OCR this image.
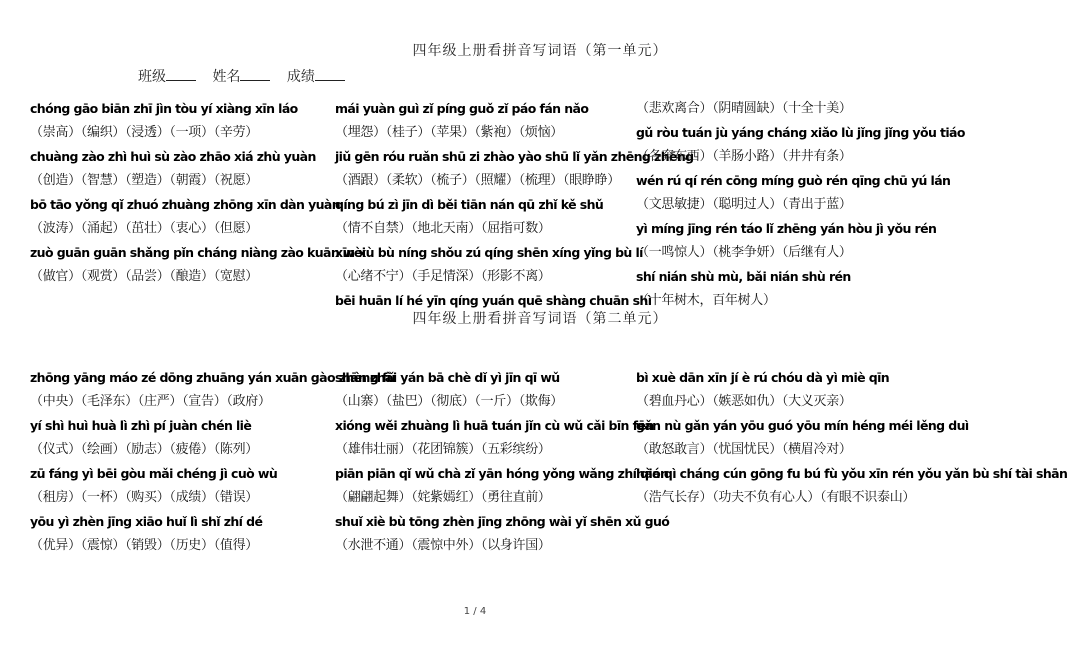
四年级上册看拼音写词语（第一单元）
班级	姓名	成绩
chóng gāo biān zhī jìn tòu yí xiàng xīn láo
（崇高）（编织）（浸透）（一项）（辛劳）
chuàng zào zhì huì sù zào zhāo xiá zhù yuàn
（创造）（智慧）（塑造）（朝霞）（祝愿）
bō tāo yǒng qǐ zhuó zhuàng zhōng xīn dàn yuàn
（波涛）（涌起）（茁壮）（衷心）（但愿）
zuò guān guān shǎng pǐn cháng niàng zào kuān wèi
（做官）（观赏）（品尝）（酿造）（宽慰）
mái yuàn guì zǐ píng guǒ zǐ páo fán nǎo
（埋怨）（桂子）（苹果）（紫袍）（烦恼）
jiǔ gēn róu ruǎn shū zi zhào yào shū lǐ yǎn zhēng zhēng
（酒跟）（柔软）（梳子）（照耀）（梳理）（眼睁睁）
qíng bú zì jīn dì běi tiān nán qū zhǐ kě shǔ
（情不自禁）（地北天南）（屈指可数）
xīn xù bù níng shǒu zú qíng shēn xíng yǐng bù lí
（心绪不宁）（手足情深）（形影不离）
bēi huān lí hé yīn qíng yuán quē shàng chuān shì
（悲欢离合）（阴晴圆缺）（十全十美）
gǔ ròu tuán jù yáng cháng xiǎo lù jǐng jǐng yǒu tiáo
（各奔东西）（羊肠小路）（井井有条）
wén rú qí rén cōng míng guò rén qīng chū yú lán
（文思敏捷）（聪明过人）（青出于蓝）
yì míng jīng rén táo lǐ zhēng yán hòu jì yǒu rén
（一鸣惊人）（桃李争妍）（后继有人）
shí nián shù mù, bǎi nián shù rén
（十年树木，百年树人）
四年级上册看拼音写词语（第二单元）
zhōng yāng máo zé dōng zhuāng yán xuān gào zhèng fǔ
（中央）（毛泽东）（庄严）（宣告）（政府）
yí shì huì huà lì zhì pí juàn chén liè
（仪式）（绘画）（励志）（疲倦）（陈列）
zū fáng yì bēi gòu mǎi chéng jì cuò wù
（租房）（一杯）（购买）（成绩）（错误）
yōu yì zhèn jīng xiāo huǐ lì shǐ zhí dé
（优异）（震惊）（销毁）（历史）（值得）
shān zhài yán bā chè dǐ yì jīn qī wǔ
（山寨）（盐巴）（彻底）（一斤）（欺侮）
xióng wěi zhuàng lì huā tuán jǐn cù wǔ cǎi bīn fēn
（雄伟壮丽）（花团锦簇）（五彩缤纷）
piān piān qǐ wǔ chà zǐ yān hóng yǒng wǎng zhí qián
（翩翩起舞）（姹紫嫣红）（勇往直前）
shuǐ xiè bù tōng zhèn jīng zhōng wài yǐ shēn xǔ guó
（水泄不通）（震惊中外）（以身许国）
bì xuè dān xīn jí è rú chóu dà yì miè qīn
（碧血丹心）（嫉恶如仇）（大义灭亲）
gǎn nù gǎn yán yōu guó yōu mín héng méi lěng duì
（敢怒敢言）（忧国忧民）（横眉冷对）
hào qì cháng cún gōng fu bú fù yǒu xīn rén yǒu yǎn bù shí tài shān
（浩气长存）（功夫不负有心人）（有眼不识泰山）
1 / 4
